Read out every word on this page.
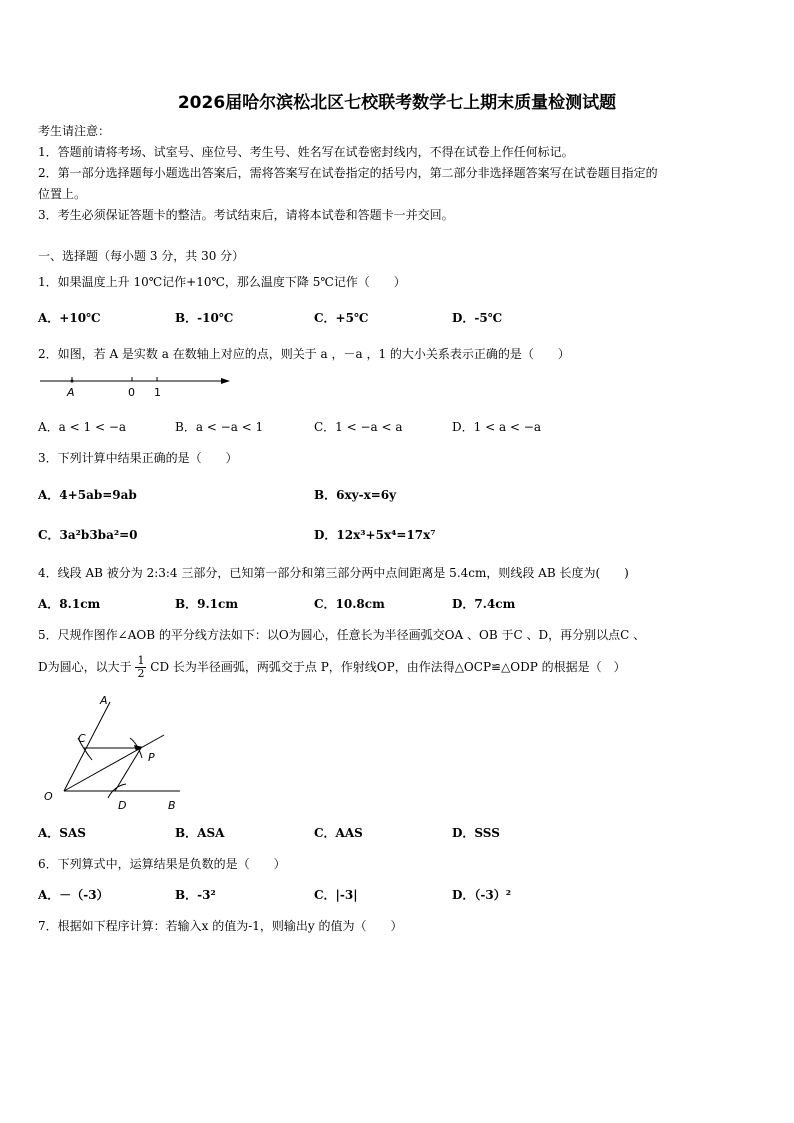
2026届哈尔滨松北区七校联考数学七上期末质量检测试题
考生请注意：
1．答题前请将考场、试室号、座位号、考生号、姓名写在试卷密封线内，不得在试卷上作任何标记。
2．第一部分选择题每小题选出答案后，需将答案写在试卷指定的括号内，第二部分非选择题答案写在试卷题目指定的
位置上。
3．考生必须保证答题卡的整洁。考试结束后，请将本试卷和答题卡一并交回。
一、选择题（每小题 3 分，共 30 分）
1．如果温度上升 10℃记作+10℃，那么温度下降 5℃记作（　　）
A．+10℃	B．-10℃	C．+5℃	D．-5℃
2．如图，若 A 是实数 a 在数轴上对应的点，则关于 a ，－a ，1 的大小关系表示正确的是（　　）
A	0 1
A．a < 1 < −a	B．a < −a < 1	C．1 < −a < a	D．1 < a < −a
3．下列计算中结果正确的是（　　）
A．4+5ab=9ab	B．6xy-x=6y
C．3a²b3ba²=0	D．12x³+5x⁴=17x⁷
4．线段 AB 被分为 2:3:4 三部分，已知第一部分和第三部分两中点间距离是 5.4cm，则线段 AB 长度为(　　)
A．8.1cm	B．9.1cm	C．10.8cm	D．7.4cm
5．尺规作图作∠AOB 的平分线方法如下：以O为圆心，任意长为半径画弧交OA 、OB 于C 、D，再分别以点C 、
D为圆心，以大于 $\frac{1}{2}$ CD 长为半径画弧，两弧交于点 P，作射线OP，由作法得△OCP≌△ODP 的根据是（　）
A
C
P
O
D	B
A．SAS	B．ASA	C．AAS	D．SSS
6．下列算式中，运算结果是负数的是（　　）
A．－（-3）	B．-3²	C．|-3|	D．（-3）²
7．根据如下程序计算：若输入x 的值为-1，则输出y 的值为（　　）
